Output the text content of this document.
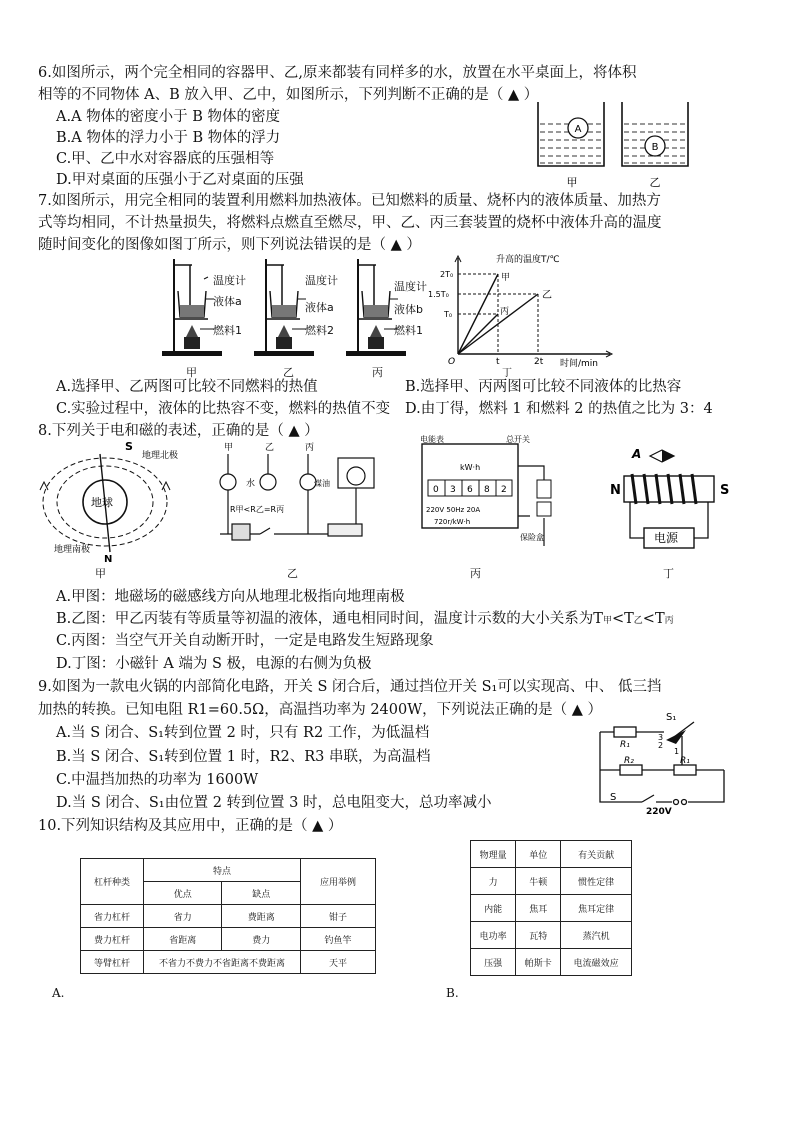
6.如图所示，两个完全相同的容器甲、乙,原来都装有同样多的水，放置在水平桌面上，将体积
相等的不同物体 A、B 放入甲、乙中，如图所示，下列判断不正确的是（ ▲ ）
A.A 物体的密度小于 B 物体的密度
B.A 物体的浮力小于 B 物体的浮力
C.甲、乙中水对容器底的压强相等
D.甲对桌面的压强小于乙对桌面的压强
A
B
甲	乙
7.如图所示，用完全相同的装置利用燃料加热液体。已知燃料的质量、烧杯内的液体质量、加热方
式等均相同，不计热量损失，将燃料点燃直至燃尽，甲、乙、丙三套装置的烧杯中液体升高的温度
随时间变化的图像如图丁所示，则下列说法错误的是（ ▲ ）
温度计
液体a
燃料1
甲
温度计
液体a
燃料2
乙
温度计
液体b
燃料1
丙
升高的温度T/℃
2T₀
1.5T₀
T₀
O	t	2t 时间/min
甲
乙
丙
丁
A.选择甲、乙两图可比较不同燃料的热值	B.选择甲、丙两图可比较不同液体的比热容
C.实验过程中，液体的比热容不变，燃料的热值不变 D.由丁得，燃料 1 和燃料 2 的热值之比为 3：4
8.下列关于电和磁的表述，正确的是（ ▲ ）
S
地理北极
地球
地理南极
N
甲
甲	乙	丙
水	煤油
R甲<R乙=R丙
乙
电能表
kW·h
0 3 6 8 2
220V 50Hz 20A
720r/kW·h
总开关
保险盒
丙
A
N	S
电源
丁
A.甲图：地磁场的磁感线方向从地理北极指向地理南极
B.乙图：甲乙丙装有等质量等初温的液体，通电相同时间，温度计示数的大小关系为T甲<T乙<T丙
C.丙图：当空气开关自动断开时，一定是电路发生短路现象
D.丁图：小磁针 A 端为 S 极，电源的右侧为负极
9.如图为一款电火锅的内部简化电路，开关 S 闭合后，通过挡位开关 S₁可以实现高、中、 低三挡
加热的转换。已知电阻 R1=60.5Ω，高温挡功率为 2400W，下列说法正确的是（ ▲ ）
A.当 S 闭合、S₁转到位置 2 时，只有 R2 工作，为低温档
B.当 S 闭合、S₁转到位置 1 时，R2、R3 串联，为高温档
C.中温挡加热的功率为 1600W
D.当 S 闭合、S₁由位置 2 转到位置 3 时，总电阻变大，总功率减小
S₁
R₁
R₂	R₁
3
2
1
S
220V
10.下列知识结构及其应用中，正确的是（ ▲ ）
杠杆种类	特点		应用举例
	优点	缺点	
省力杠杆	省力	费距离	钳子
费力杠杆	省距离	费力	钓鱼竿
等臂杠杆	不省力不费力不省距离不费距离		天平
A.
物理量	单位	有关贡献
力	牛顿	惯性定律
内能	焦耳	焦耳定律
电功率	瓦特	蒸汽机
压强	帕斯卡	电流磁效应
B.
